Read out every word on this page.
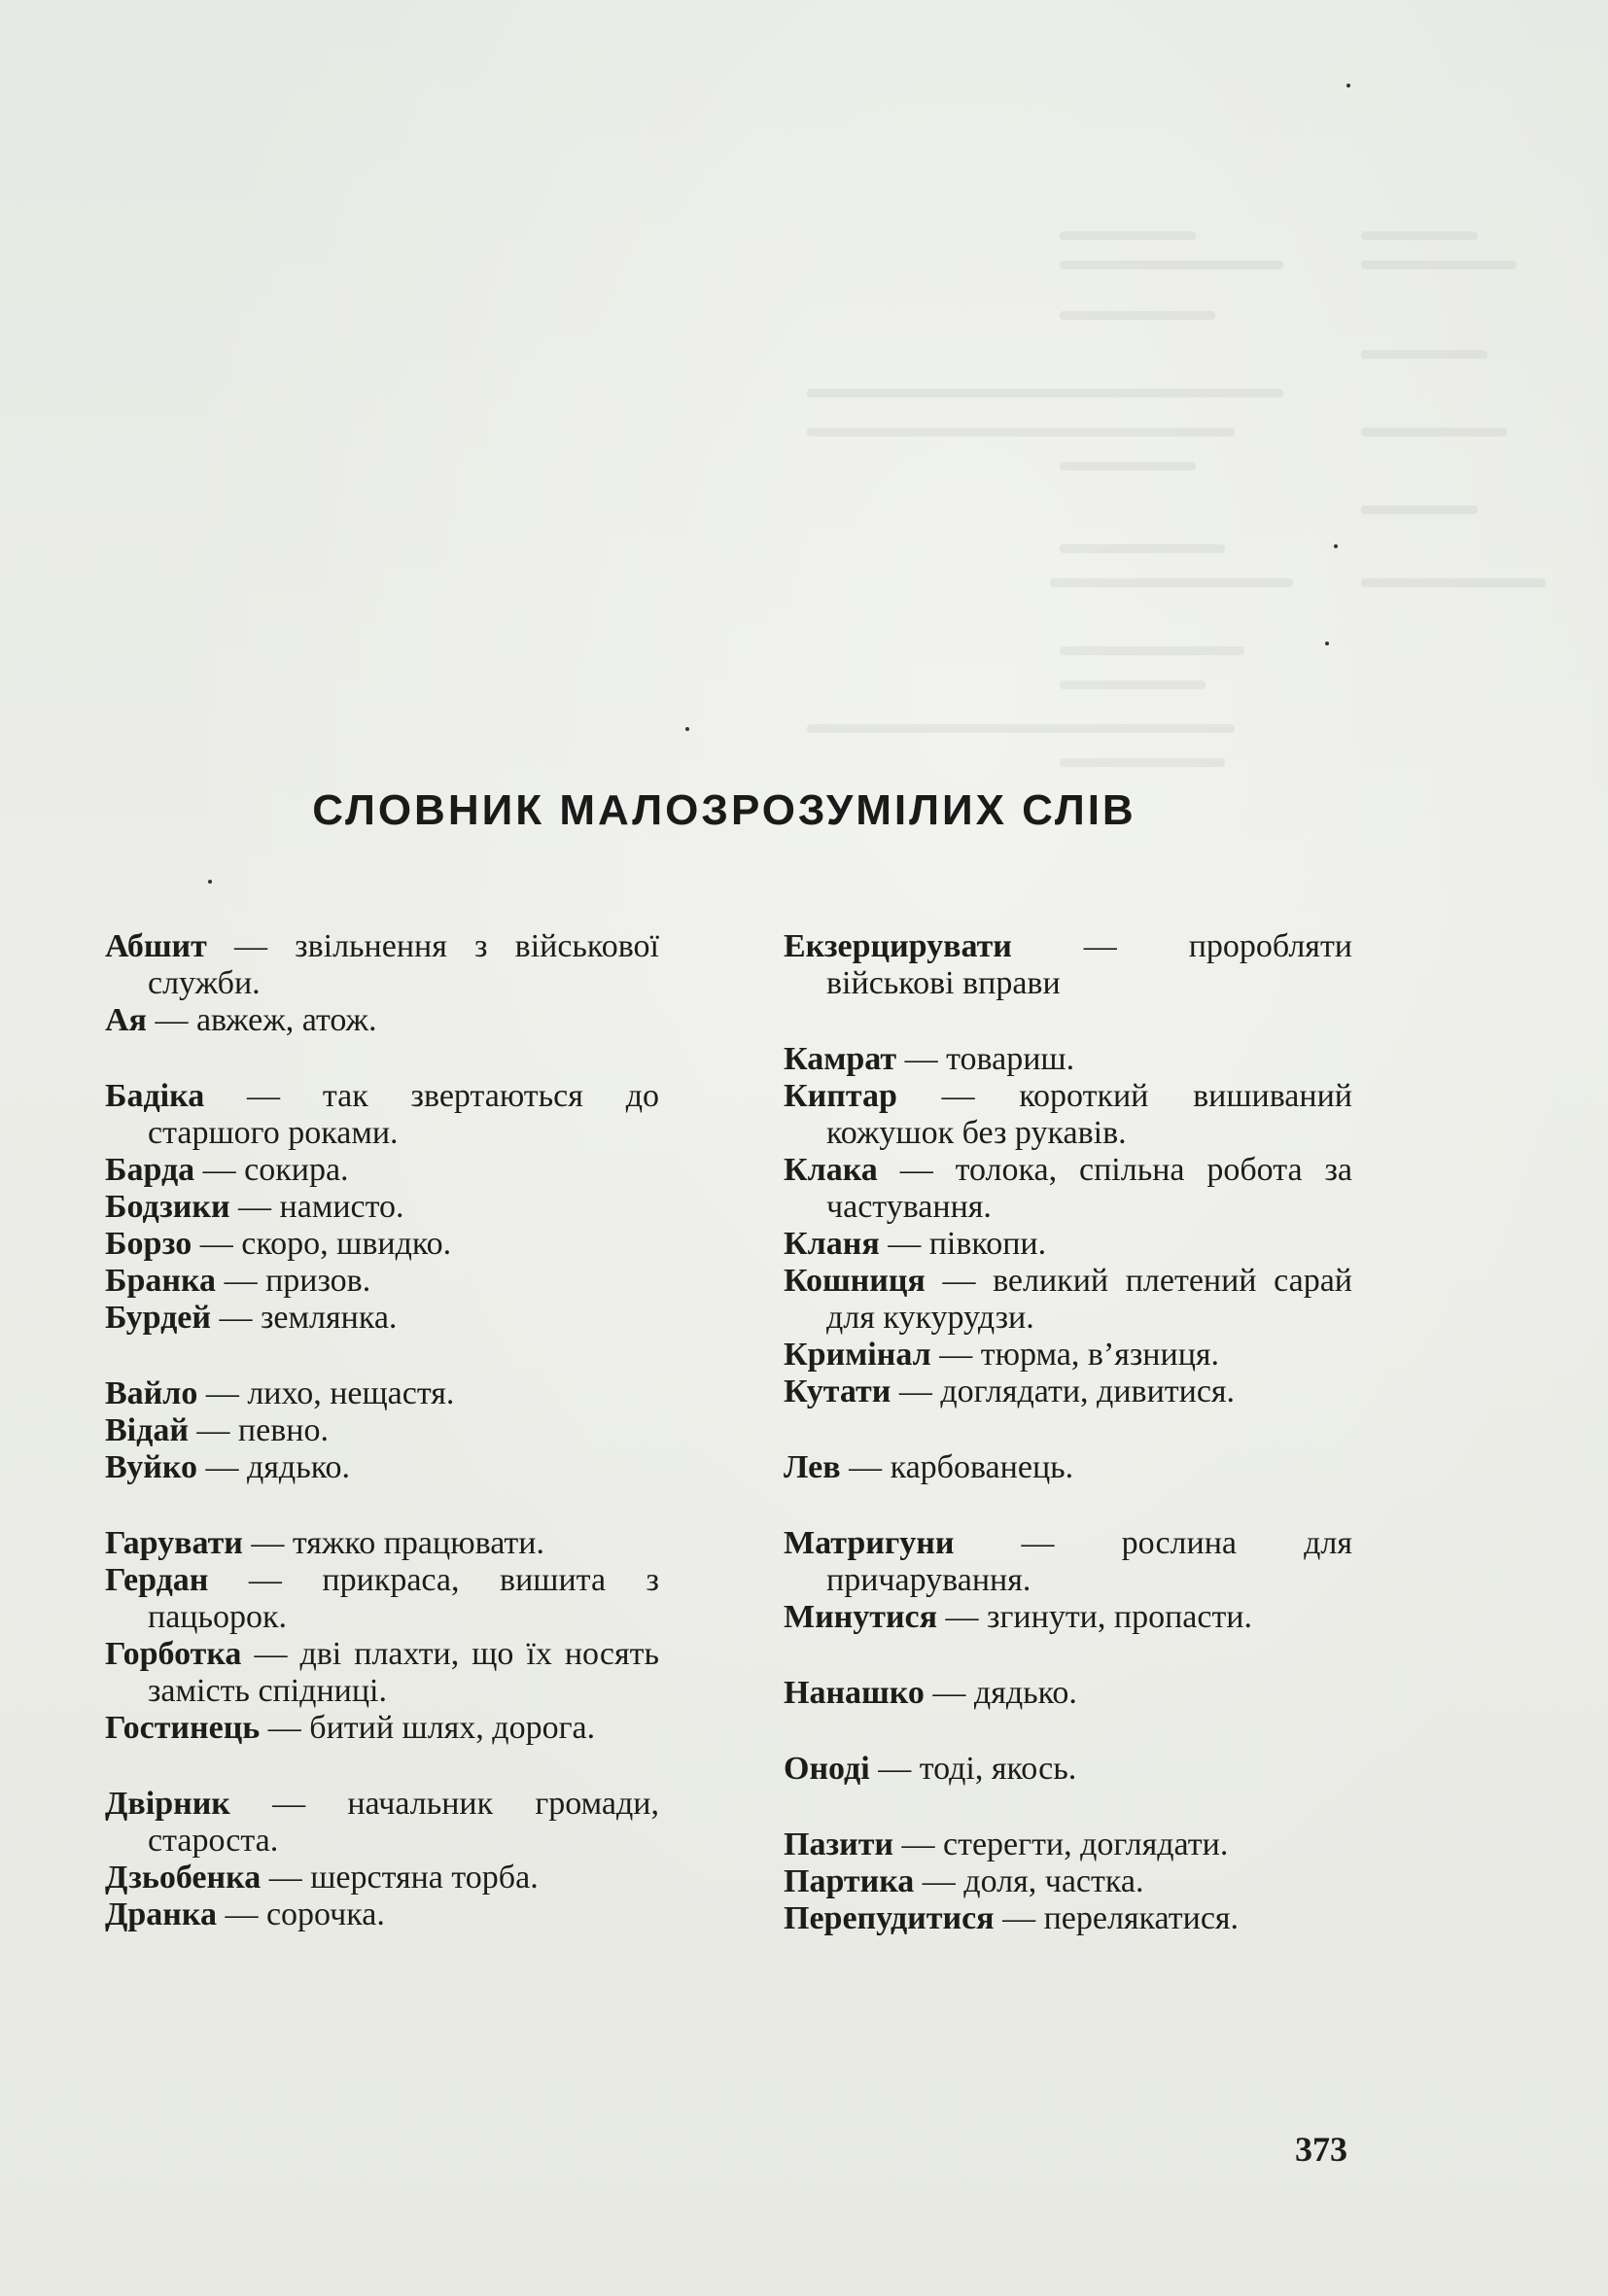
СЛОВНИК МАЛОЗРОЗУМІЛИХ СЛІВ
Абшит — звільнення з військової служби.
Ая — авжеж, атож.
Бадіка — так звертаються до старшого роками.
Барда — сокира.
Бодзики — намисто.
Борзо — скоро, швидко.
Бранка — призов.
Бурдей — землянка.
Вайло — лихо, нещастя.
Відай — певно.
Вуйко — дядько.
Гарувати — тяжко працювати.
Гердан — прикраса, вишита з пацьорок.
Горботка — дві плахти, що їх носять замість спідниці.
Гостинець — битий шлях, дорога.
Двірник — начальник громади, староста.
Дзьобенка — шерстяна торба.
Дранка — сорочка.
Екзерцирувати — проробляти військові вправи
Камрат — товариш.
Киптар — короткий вишиваний кожушок без рукавів.
Клака — толока, спільна робота за частування.
Кланя — півкопи.
Кошниця — великий плетений сарай для кукурудзи.
Кримінал — тюрма, в’язниця.
Кутати — доглядати, дивитися.
Лев — карбованець.
Матригуни — рослина для причарування.
Минутися — згинути, пропасти.
Нанашко — дядько.
Оноді — тоді, якось.
Пазити — стерегти, доглядати.
Партика — доля, частка.
Перепудитися — перелякатися.
373
